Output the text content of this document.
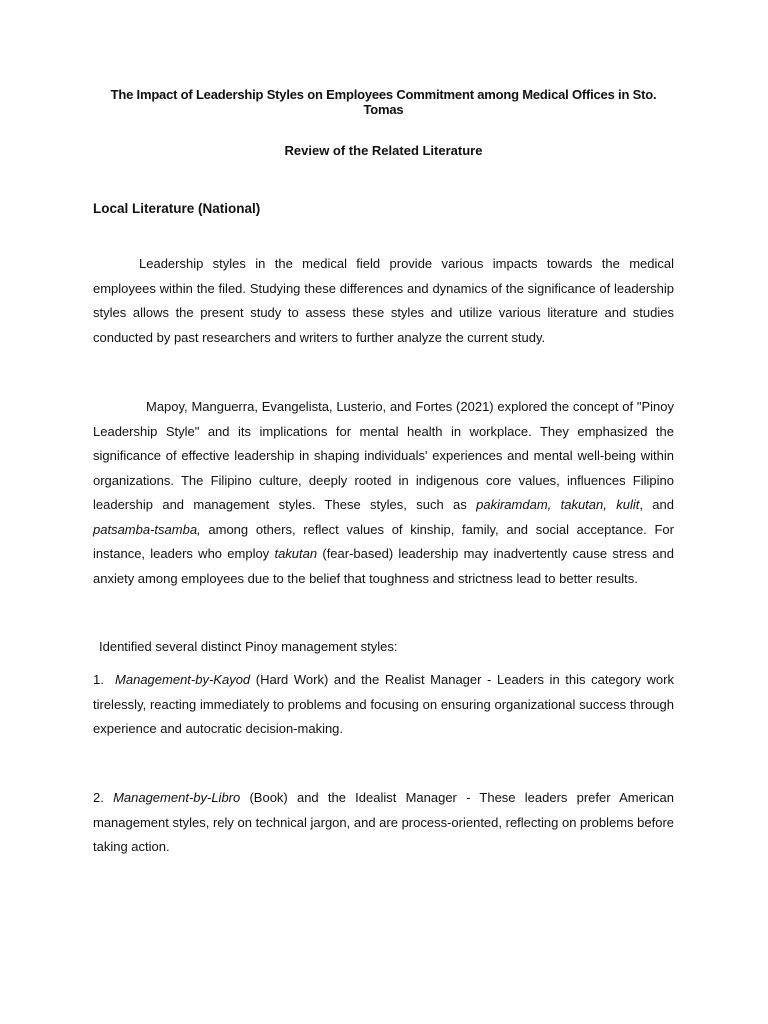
The Impact of Leadership Styles on Employees Commitment among Medical Offices in Sto. Tomas
Review of the Related Literature
Local Literature (National)

Leadership styles in the medical field provide various impacts towards the medical employees within the filed. Studying these differences and dynamics of the significance of leadership styles allows the present study to assess these styles and utilize various literature and studies conducted by past researchers and writers to further analyze the current study.

Mapoy, Manguerra, Evangelista, Lusterio, and Fortes (2021) explored the concept of "Pinoy Leadership Style" and its implications for mental health in workplace. They emphasized the significance of effective leadership in shaping individuals' experiences and mental well-being within organizations. The Filipino culture, deeply rooted in indigenous core values, influences Filipino leadership and management styles. These styles, such as pakiramdam, takutan, kulit, and patsamba-tsamba, among others, reflect values of kinship, family, and social acceptance. For instance, leaders who employ takutan (fear-based) leadership may inadvertently cause stress and anxiety among employees due to the belief that toughness and strictness lead to better results.

Identified several distinct Pinoy management styles:

1. Management-by-Kayod (Hard Work) and the Realist Manager - Leaders in this category work tirelessly, reacting immediately to problems and focusing on ensuring organizational success through experience and autocratic decision-making.

2. Management-by-Libro (Book) and the Idealist Manager - These leaders prefer American management styles, rely on technical jargon, and are process-oriented, reflecting on problems before taking action.
